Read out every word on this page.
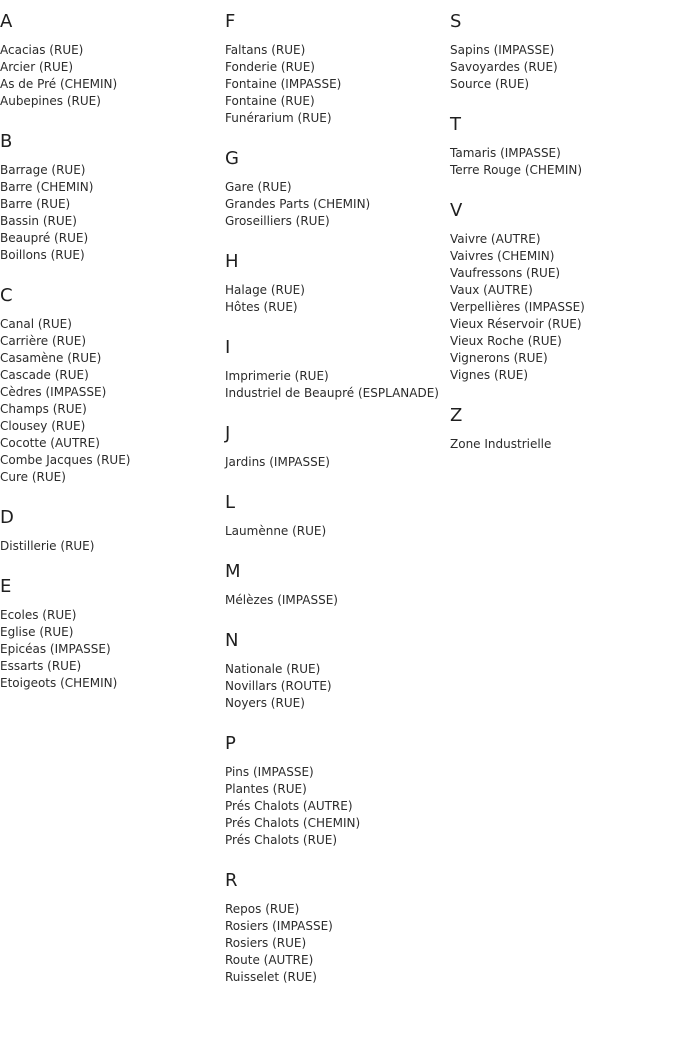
A
Acacias (RUE)
Arcier (RUE)
As de Pré (CHEMIN)
Aubepines (RUE)
B
Barrage (RUE)
Barre (CHEMIN)
Barre (RUE)
Bassin (RUE)
Beaupré (RUE)
Boillons (RUE)
C
Canal (RUE)
Carrière (RUE)
Casamène (RUE)
Cascade (RUE)
Cèdres (IMPASSE)
Champs (RUE)
Clousey (RUE)
Cocotte (AUTRE)
Combe Jacques (RUE)
Cure (RUE)
D
Distillerie (RUE)
E
Ecoles (RUE)
Eglise (RUE)
Epicéas (IMPASSE)
Essarts (RUE)
Etoigeots (CHEMIN)
F
Faltans (RUE)
Fonderie (RUE)
Fontaine (IMPASSE)
Fontaine (RUE)
Funérarium (RUE)
G
Gare (RUE)
Grandes Parts (CHEMIN)
Groseilliers (RUE)
H
Halage (RUE)
Hôtes (RUE)
I
Imprimerie (RUE)
Industriel de Beaupré (ESPLANADE)
J
Jardins (IMPASSE)
L
Laumènne (RUE)
M
Mélèzes (IMPASSE)
N
Nationale (RUE)
Novillars (ROUTE)
Noyers (RUE)
P
Pins (IMPASSE)
Plantes (RUE)
Prés Chalots (AUTRE)
Prés Chalots (CHEMIN)
Prés Chalots (RUE)
R
Repos (RUE)
Rosiers (IMPASSE)
Rosiers (RUE)
Route (AUTRE)
Ruisselet (RUE)
S
Sapins (IMPASSE)
Savoyardes (RUE)
Source (RUE)
T
Tamaris (IMPASSE)
Terre Rouge (CHEMIN)
V
Vaivre (AUTRE)
Vaivres (CHEMIN)
Vaufressons (RUE)
Vaux (AUTRE)
Verpellières (IMPASSE)
Vieux Réservoir (RUE)
Vieux Roche (RUE)
Vignerons (RUE)
Vignes (RUE)
Z
Zone Industrielle
